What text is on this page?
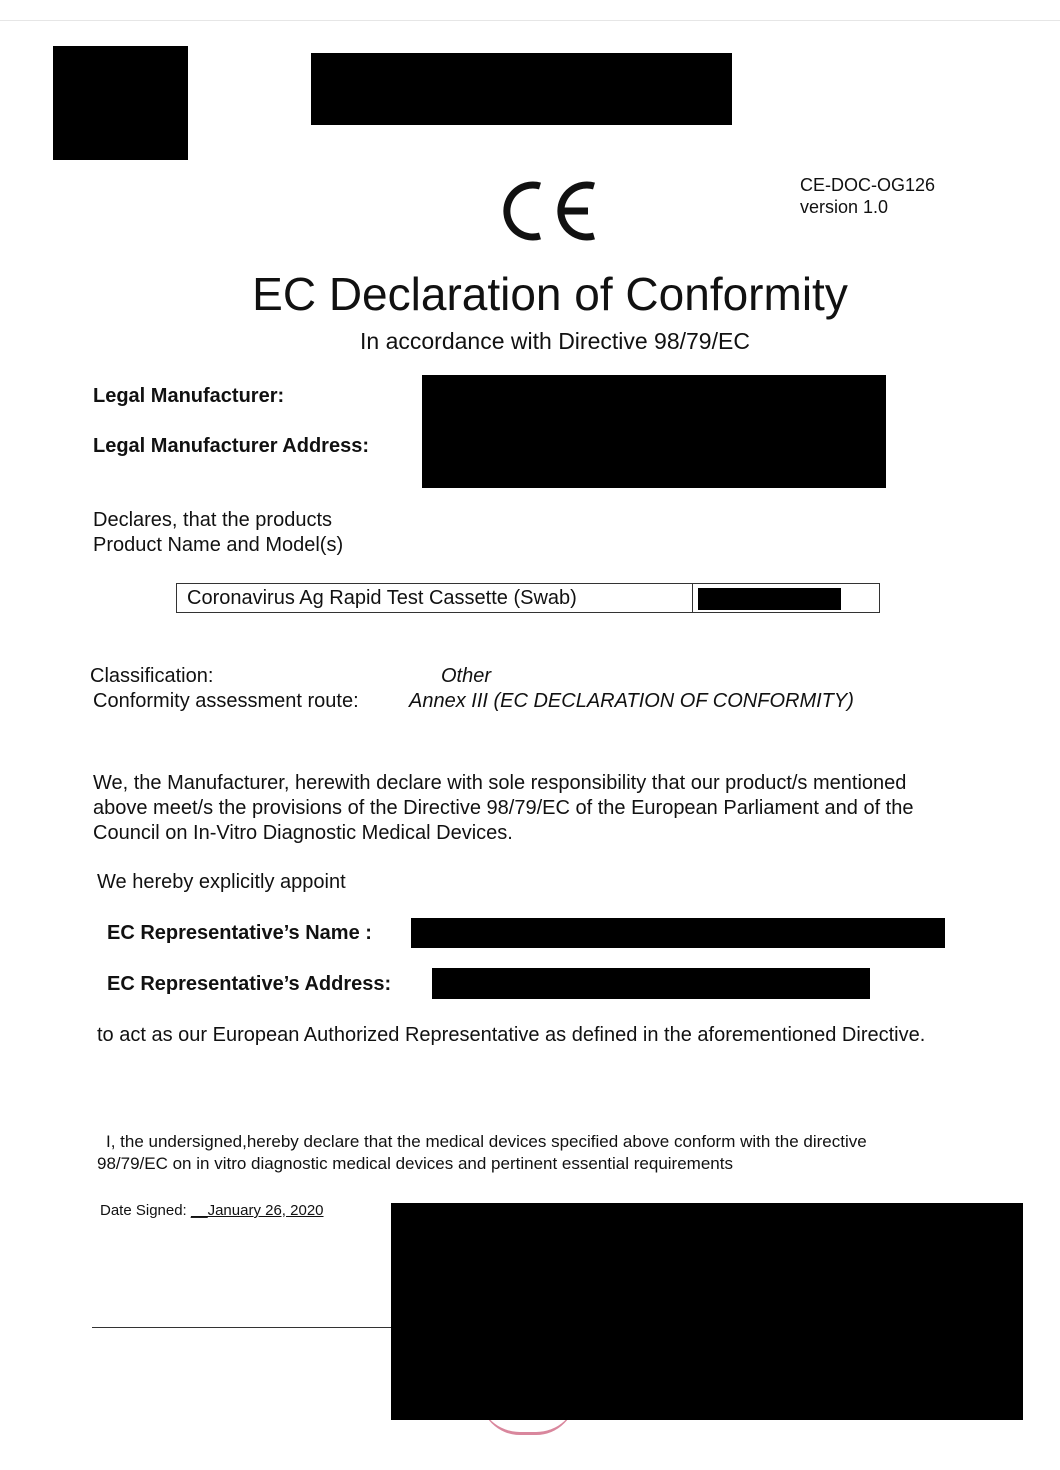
CE-DOC-OG126
version 1.0
EC Declaration of Conformity
In accordance with Directive 98/79/EC
Legal Manufacturer:
Legal Manufacturer Address:
Declares, that the products
Product Name and Model(s)
Coronavirus Ag Rapid Test Cassette (Swab)
Classification:	Other
Conformity assessment route:	Annex III (EC DECLARATION OF CONFORMITY)
We, the Manufacturer, herewith declare with sole responsibility that our product/s mentioned
above meet/s the provisions of the Directive 98/79/EC of the European Parliament and of the
Council on In-Vitro Diagnostic Medical Devices.
We hereby explicitly appoint
EC Representative’s Name :
EC Representative’s Address:
to act as our European Authorized Representative as defined in the aforementioned Directive.
I, the undersigned,hereby declare that the medical devices specified above conform with the directive
98/79/EC on in vitro diagnostic medical devices and pertinent essential requirements
Date Signed: __January 26, 2020
